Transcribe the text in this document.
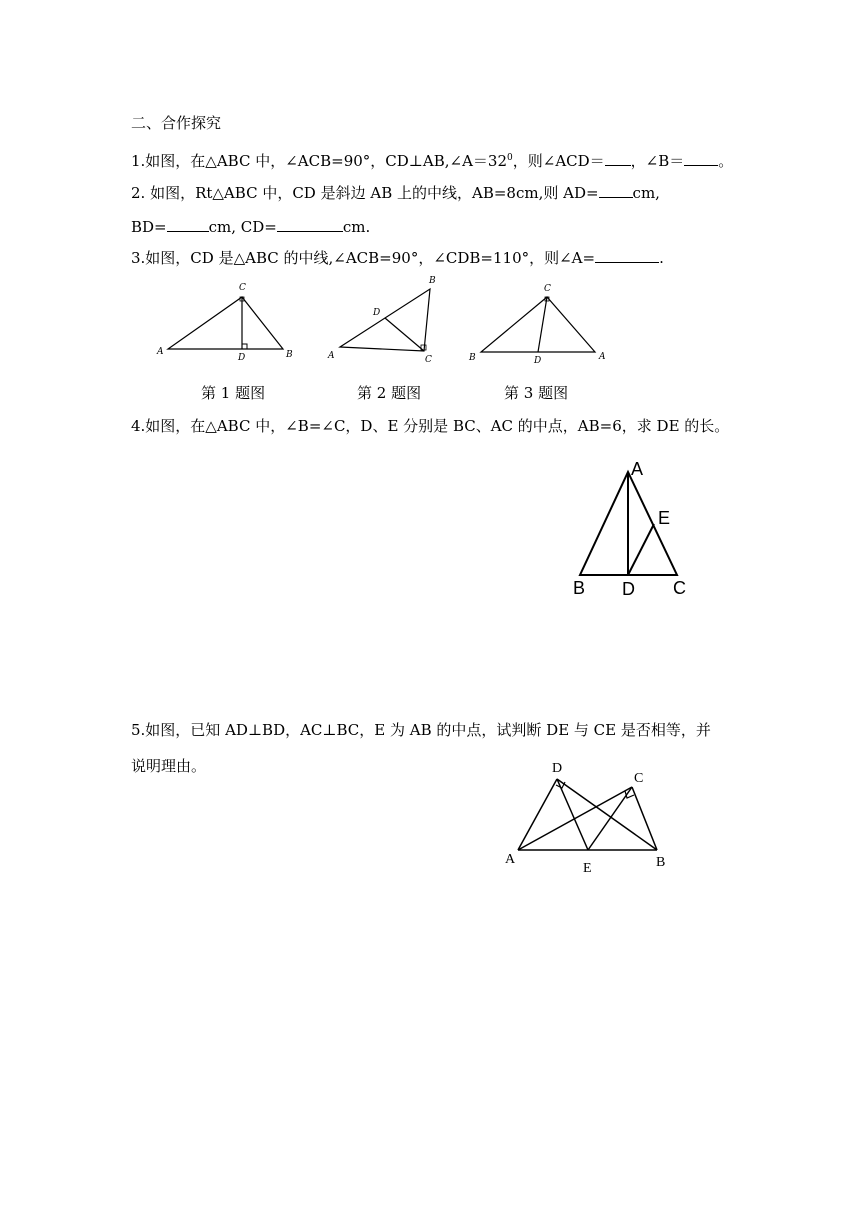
二、合作探究
1.如图，在△ABC 中，∠ACB=90°，$CD\perp AB,\angle A=32^0$，则∠ACD＝ ，∠B＝ 。
2. 如图，Rt△ABC 中，CD 是斜边 AB 上的中线，AB=8cm,则 AD= cm,
BD=	cm, CD=	cm.
3.如图，CD 是△ABC 的中线,∠ACB=90°，∠CDB=110°，则∠A=	.
第 1 题图	第 2 题图	第 3 题图
4.如图，在△ABC 中，∠B=∠C，D、E 分别是 BC、AC 的中点，AB=6，求 DE 的长。
5.如图，已知 AD⊥BD，AC⊥BC，E 为 AB 的中点，试判断 DE 与 CE 是否相等，并
说明理由。
A	B
C
D	A
B
C
D
B	A
C
D
A
E
B D C
D
C
A
E	B
